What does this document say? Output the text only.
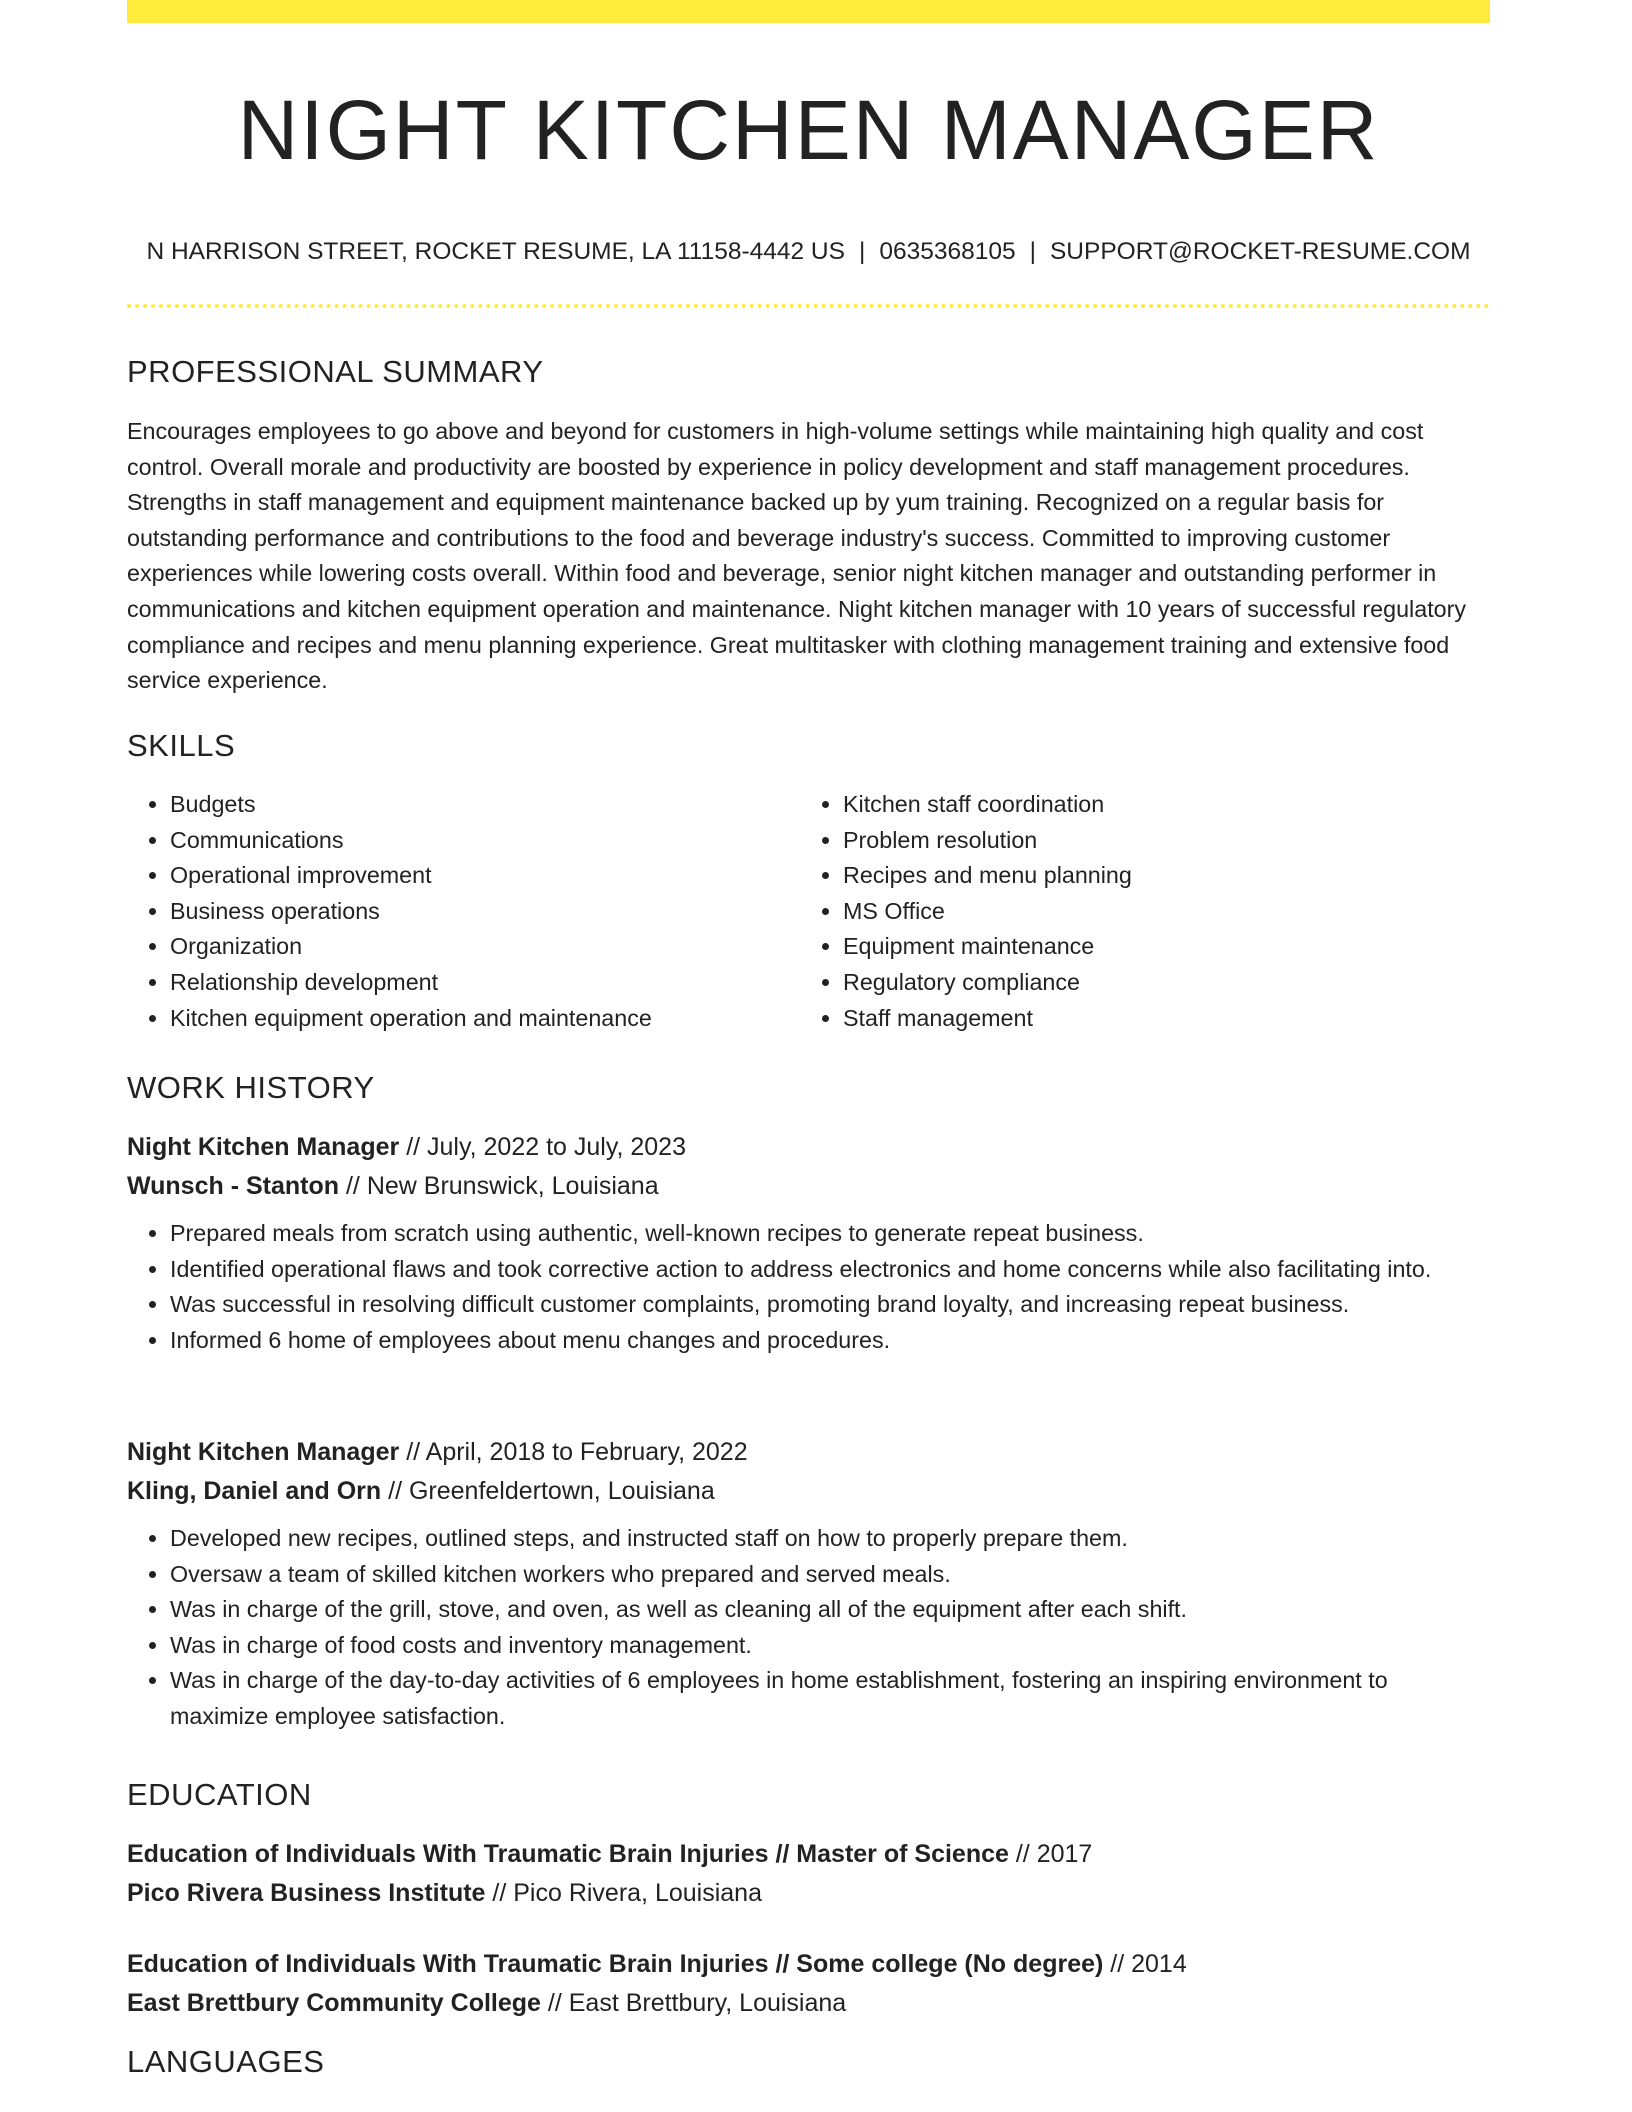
NIGHT KITCHEN MANAGER
N HARRISON STREET, ROCKET RESUME, LA 11158-4442 US | 0635368105 | SUPPORT@ROCKET-RESUME.COM
PROFESSIONAL SUMMARY

Encourages employees to go above and beyond for customers in high-volume settings while maintaining high quality and cost control. Overall morale and productivity are boosted by experience in policy development and staff management procedures. Strengths in staff management and equipment maintenance backed up by yum training. Recognized on a regular basis for outstanding performance and contributions to the food and beverage industry's success. Committed to improving customer experiences while lowering costs overall. Within food and beverage, senior night kitchen manager and outstanding performer in communications and kitchen equipment operation and maintenance. Night kitchen manager with 10 years of successful regulatory compliance and recipes and menu planning experience. Great multitasker with clothing management training and extensive food service experience.

SKILLS
• Budgets
• Communications
• Operational improvement
• Business operations
• Organization
• Relationship development
• Kitchen equipment operation and maintenance
• Kitchen staff coordination
• Problem resolution
• Recipes and menu planning
• MS Office
• Equipment maintenance
• Regulatory compliance
• Staff management
WORK HISTORY
Night Kitchen Manager // July, 2022 to July, 2023
Wunsch - Stanton // New Brunswick, Louisiana
• Prepared meals from scratch using authentic, well-known recipes to generate repeat business.
• Identified operational flaws and took corrective action to address electronics and home concerns while also facilitating into.
• Was successful in resolving difficult customer complaints, promoting brand loyalty, and increasing repeat business.
• Informed 6 home of employees about menu changes and procedures.
Night Kitchen Manager // April, 2018 to February, 2022
Kling, Daniel and Orn // Greenfeldertown, Louisiana
• Developed new recipes, outlined steps, and instructed staff on how to properly prepare them.
• Oversaw a team of skilled kitchen workers who prepared and served meals.
• Was in charge of the grill, stove, and oven, as well as cleaning all of the equipment after each shift.
• Was in charge of food costs and inventory management.
• Was in charge of the day-to-day activities of 6 employees in home establishment, fostering an inspiring environment to maximize employee satisfaction.
EDUCATION
Education of Individuals With Traumatic Brain Injuries // Master of Science // 2017
Pico Rivera Business Institute // Pico Rivera, Louisiana
Education of Individuals With Traumatic Brain Injuries // Some college (No degree) // 2014
East Brettbury Community College // East Brettbury, Louisiana
LANGUAGES
